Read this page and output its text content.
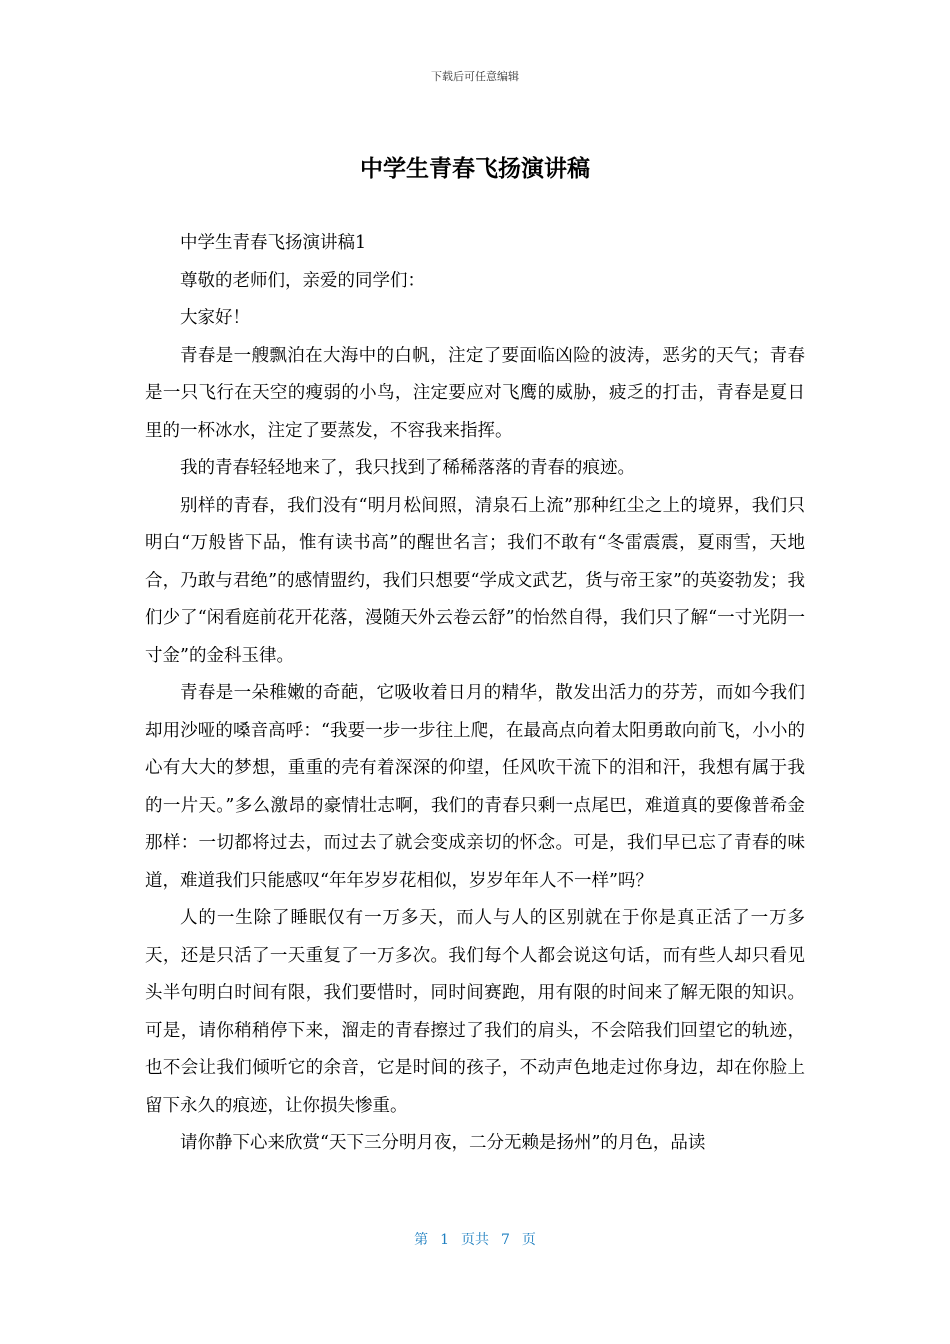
下载后可任意编辑
中学生青春飞扬演讲稿

中学生青春飞扬演讲稿1

尊敬的老师们，亲爱的同学们：

大家好！

青春是一艘飘泊在大海中的白帆，注定了要面临凶险的波涛，恶劣的天气；青春是一只飞行在天空的瘦弱的小鸟，注定要应对飞鹰的威胁，疲乏的打击，青春是夏日里的一杯冰水，注定了要蒸发，不容我来指挥。

我的青春轻轻地来了，我只找到了稀稀落落的青春的痕迹。

别样的青春，我们没有“明月松间照，清泉石上流”那种红尘之上的境界，我们只明白“万般皆下品，惟有读书高”的醒世名言；我们不敢有“冬雷震震，夏雨雪，天地合，乃敢与君绝”的感情盟约，我们只想要“学成文武艺，货与帝王家”的英姿勃发；我们少了“闲看庭前花开花落，漫随天外云卷云舒”的怡然自得，我们只了解“一寸光阴一寸金”的金科玉律。

青春是一朵稚嫩的奇葩，它吸收着日月的精华，散发出活力的芬芳，而如今我们却用沙哑的嗓音高呼：“我要一步一步往上爬，在最高点向着太阳勇敢向前飞，小小的心有大大的梦想，重重的壳有着深深的仰望，任风吹干流下的泪和汗，我想有属于我的一片天。”多么激昂的豪情壮志啊，我们的青春只剩一点尾巴，难道真的要像普希金那样：一切都将过去，而过去了就会变成亲切的怀念。可是，我们早已忘了青春的味道，难道我们只能感叹“年年岁岁花相似，岁岁年年人不一样”吗？

人的一生除了睡眠仅有一万多天，而人与人的区别就在于你是真正活了一万多天，还是只活了一天重复了一万多次。我们每个人都会说这句话，而有些人却只看见头半句明白时间有限，我们要惜时，同时间赛跑，用有限的时间来了解无限的知识。可是，请你稍稍停下来，溜走的青春擦过了我们的肩头，不会陪我们回望它的轨迹，也不会让我们倾听它的余音，它是时间的孩子，不动声色地走过你身边，却在你脸上留下永久的痕迹，让你损失惨重。

请你静下心来欣赏“天下三分明月夜，二分无赖是扬州”的月色，品读

第 1 页共 7 页
